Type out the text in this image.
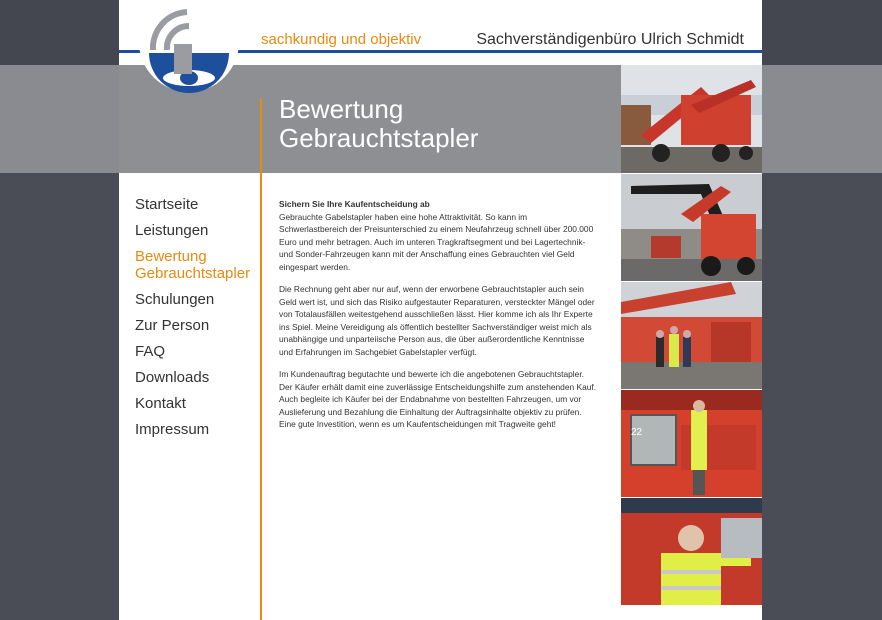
sachkundig und objektiv	Sachverständigenbüro Ulrich Schmidt
Bewertung
Gebrauchtstapler
Startseite
Leistungen
Bewertung Gebrauchtstapler
Schulungen
Zur Person
FAQ
Downloads
Kontakt
Impressum

Sichern Sie Ihre Kaufentscheidung ab
Gebrauchte Gabelstapler haben eine hohe Attraktivität. So kann im Schwerlastbereich der Preisunterschied zu einem Neufahrzeug schnell über 200.000 Euro und mehr betragen. Auch im unteren Tragkraftsegment und bei Lagertechnik- und Sonder-Fahrzeugen kann mit der Anschaffung eines Gebrauchten viel Geld eingespart werden.

Die Rechnung geht aber nur auf, wenn der erworbene Gebrauchtstapler auch sein Geld wert ist, und sich das Risiko aufgestauter Reparaturen, versteckter Mängel oder von Totalausfällen weitestgehend ausschließen lässt. Hier komme ich als Ihr Experte ins Spiel. Meine Vereidigung als öffentlich bestellter Sachverständiger weist mich als unabhängige und unparteiische Person aus, die über außerordentliche Kenntnisse und Erfahrungen im Sachgebiet Gabelstapler verfügt.

Im Kundenauftrag begutachte und bewerte ich die angebotenen Gebrauchtstapler. Der Käufer erhält damit eine zuverlässige Entscheidungshilfe zum anstehenden Kauf. Auch begleite ich Käufer bei der Endabnahme von bestellten Fahrzeugen, um vor Auslieferung und Bezahlung die Einhaltung der Auftragsinhalte objektiv zu prüfen. Eine gute Investition, wenn es um Kaufentscheidungen mit Tragweite geht!

22
